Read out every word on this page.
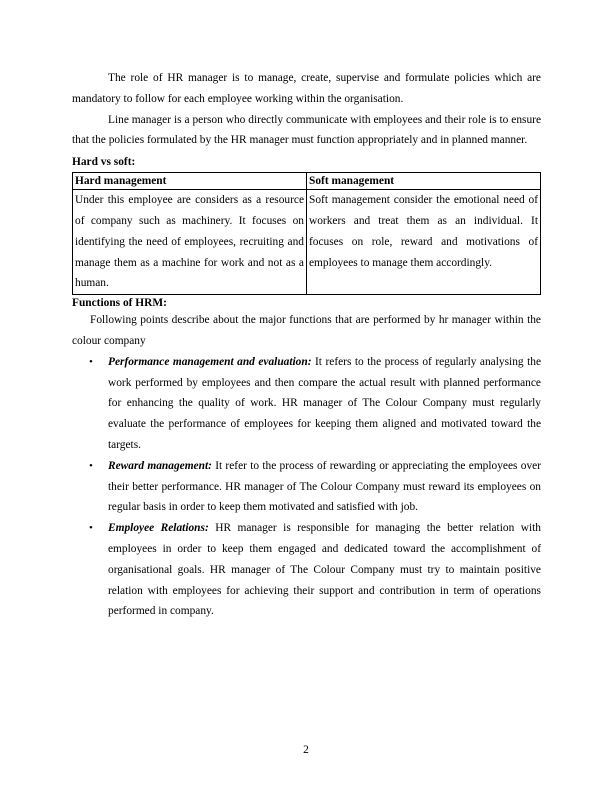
The role of HR manager is to manage, create, supervise and formulate policies which are mandatory to follow for each employee working within the organisation.

Line manager is a person who directly communicate with employees and their role is to ensure that the policies formulated by the HR manager must function appropriately and in planned manner.

Hard vs soft:

Hard management	Soft management
Under this employee are considers as a resource of company such as machinery. It focuses on identifying the need of employees, recruiting and manage them as a machine for work and not as a human.	Soft management consider the emotional need of workers and treat them as an individual. It focuses on role, reward and motivations of employees to manage them accordingly.

Functions of HRM:

Following points describe about the major functions that are performed by hr manager within the colour company

• Performance management and evaluation: It refers to the process of regularly analysing the work performed by employees and then compare the actual result with planned performance for enhancing the quality of work. HR manager of The Colour Company must regularly evaluate the performance of employees for keeping them aligned and motivated toward the targets.
• Reward management: It refer to the process of rewarding or appreciating the employees over their better performance. HR manager of The Colour Company must reward its employees on regular basis in order to keep them motivated and satisfied with job.
• Employee Relations: HR manager is responsible for managing the better relation with employees in order to keep them engaged and dedicated toward the accomplishment of organisational goals. HR manager of The Colour Company must try to maintain positive relation with employees for achieving their support and contribution in term of operations performed in company.
2
